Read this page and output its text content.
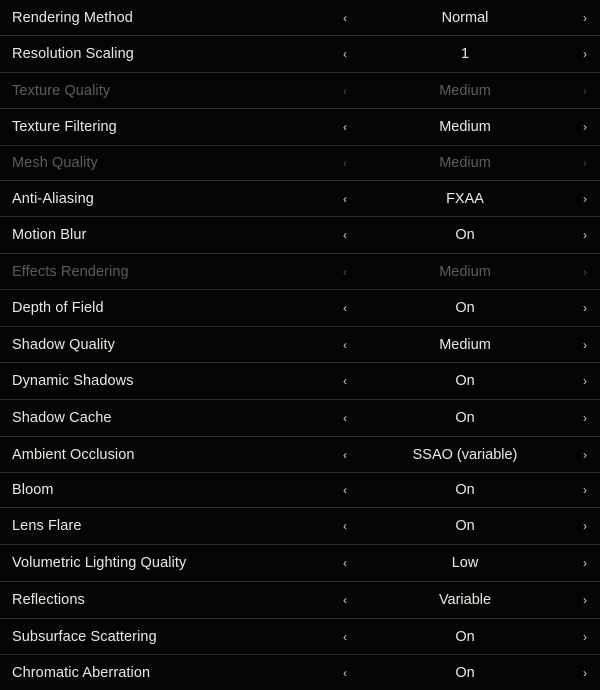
Rendering Method	‹	Normal	›
Resolution Scaling	‹	1	›
Texture Quality	‹	Medium	›
Texture Filtering	‹	Medium	›
Mesh Quality	‹	Medium	›
Anti-Aliasing	‹	FXAA	›
Motion Blur	‹	On	›
Effects Rendering	‹	Medium	›
Depth of Field	‹	On	›
Shadow Quality	‹	Medium	›
Dynamic Shadows	‹	On	›
Shadow Cache	‹	On	›
Ambient Occlusion	‹	SSAO (variable)	›
Bloom	‹	On	›
Lens Flare	‹	On	›
Volumetric Lighting Quality	‹	Low	›
Reflections	‹	Variable	›
Subsurface Scattering	‹	On	›
Chromatic Aberration	‹	On	›
